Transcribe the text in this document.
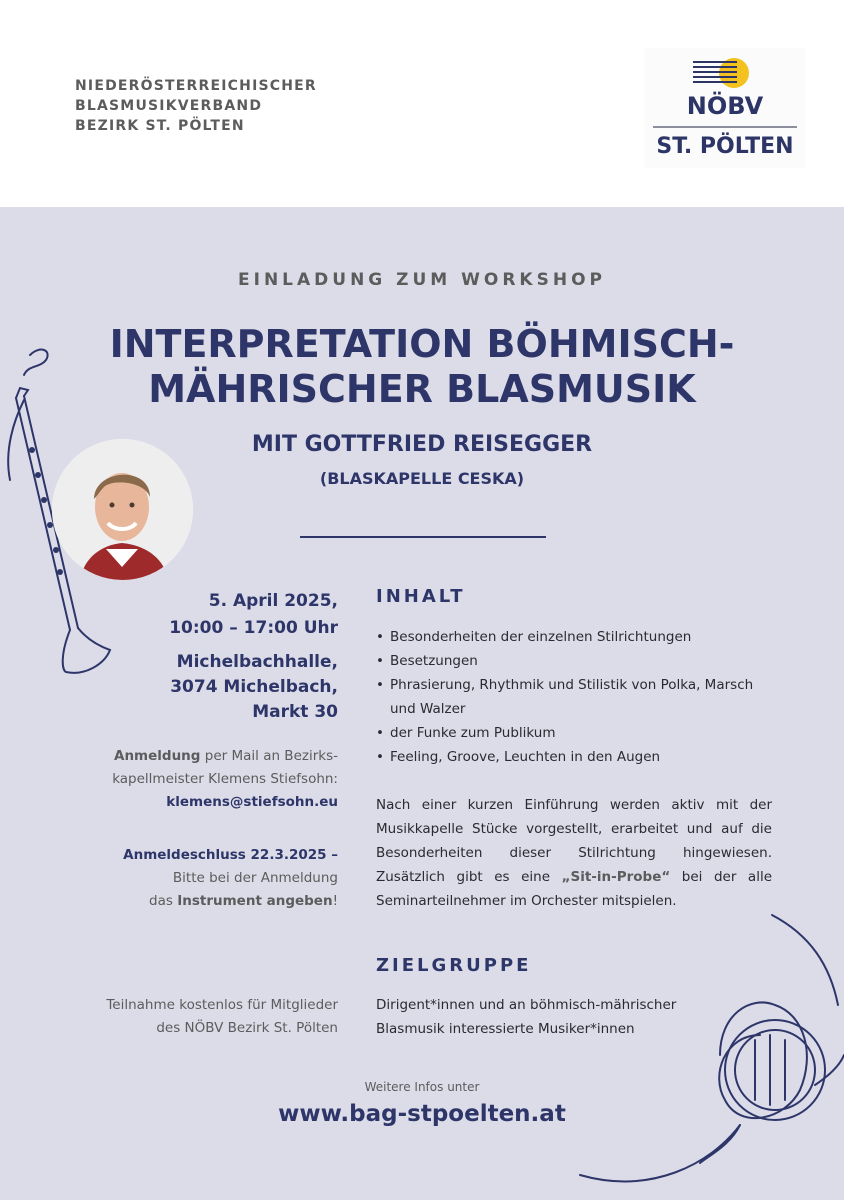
NIEDERÖSTERREICHISCHER
BLASMUSIKVERBAND
BEZIRK ST. PÖLTEN
NÖBV
ST. PÖLTEN
EINLADUNG ZUM WORKSHOP
INTERPRETATION BÖHMISCH-
MÄHRISCHER BLASMUSIK
MIT GOTTFRIED REISEGGER
(BLASKAPELLE CESKA)
5. April 2025,
10:00 – 17:00 Uhr
Michelbachhalle,
3074 Michelbach,
Markt 30
Anmeldung per Mail an Bezirks-
kapellmeister Klemens Stiefsohn:
klemens@stiefsohn.eu
Anmeldeschluss 22.3.2025 –
Bitte bei der Anmeldung
das Instrument angeben!
Teilnahme kostenlos für Mitglieder
des NÖBV Bezirk St. Pölten
INHALT
• Besonderheiten der einzelnen Stilrichtungen
• Besetzungen
• Phrasierung, Rhythmik und Stilistik von Polka, Marsch und Walzer
• der Funke zum Publikum
• Feeling, Groove, Leuchten in den Augen
Nach einer kurzen Einführung werden aktiv mit der Musikkapelle Stücke vorgestellt, erarbeitet und auf die Besonderheiten dieser Stilrichtung hingewiesen. Zusätzlich gibt es eine „Sit-in-Probe“ bei der alle Seminarteilnehmer im Orchester mitspielen.
ZIELGRUPPE
Dirigent*innen und an böhmisch-mährischer Blasmusik interessierte Musiker*innen
Weitere Infos unter
www.bag-stpoelten.at
